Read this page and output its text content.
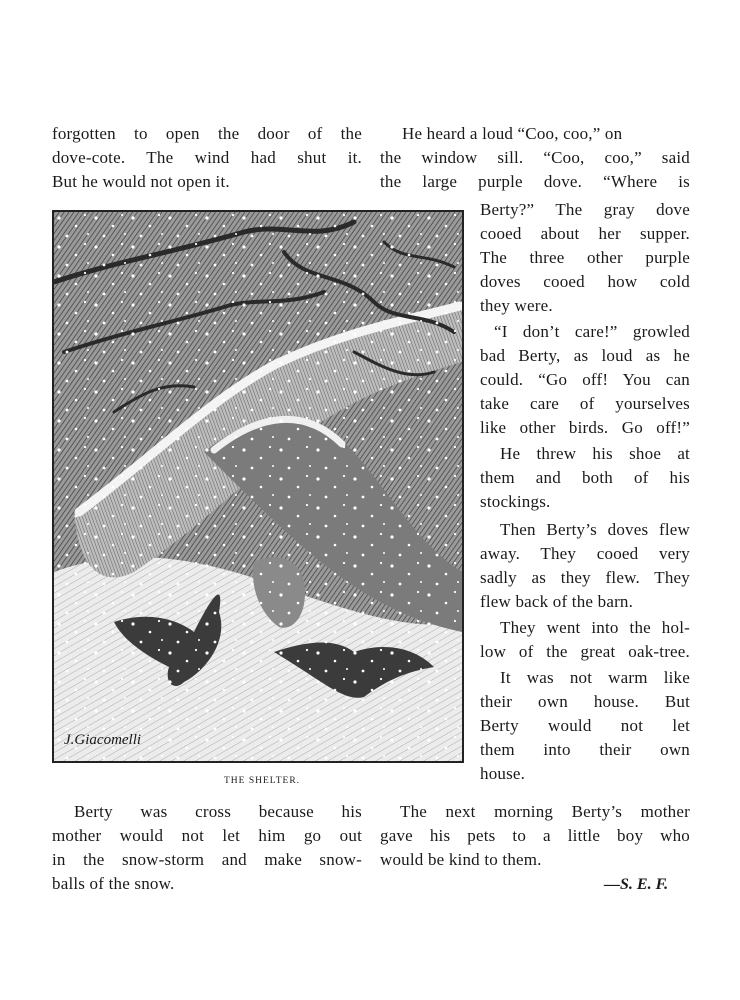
forgotten to open the door of the
dove-cote. The wind had shut it.
But he would not open it.
He heard a loud “Coo, coo,” on
the window sill. “Coo, coo,” said
the large purple dove. “Where is
Berty?” The gray dove
cooed about her supper.
The three other purple
doves cooed how cold
they were.
“I don’t care!” growled
bad Berty, as loud as he
could. “Go off! You can
take care of yourselves
like other birds. Go off!”
He threw his shoe at
them and both of his
stockings.
Then Berty’s doves flew
away. They cooed very
sadly as they flew. They
flew back of the barn.
They went into the hol-
low of the great oak-tree.
It was not warm like
their own house. But
Berty would not let
them into their own
house.
J.Giacomelli
THE SHELTER.
Berty was cross because his
mother would not let him go out
in the snow-storm and make snow-
balls of the snow.
The next morning Berty’s mother
gave his pets to a little boy who
would be kind to them.
—S. E. F.
